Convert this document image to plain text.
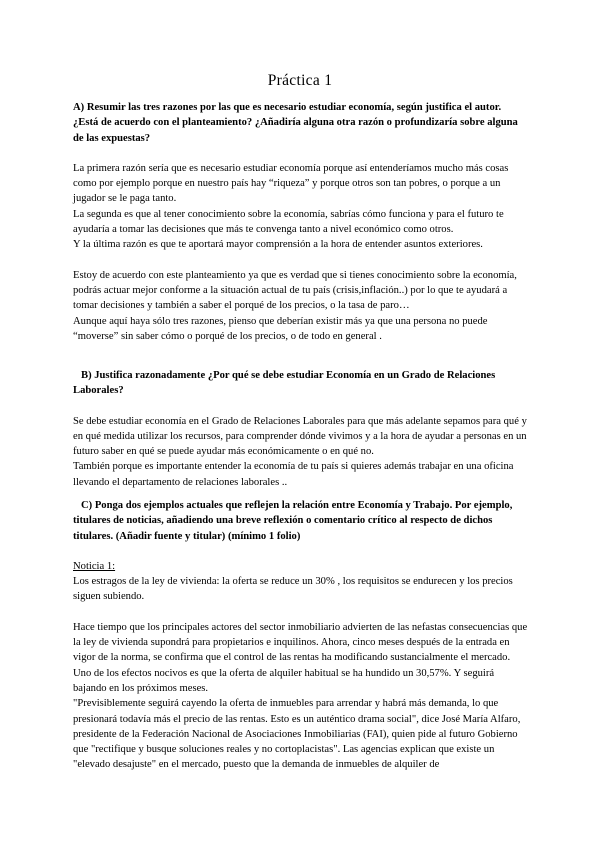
Práctica 1

A) Resumir las tres razones por las que es necesario estudiar economía, según justifica el autor. ¿Está de acuerdo con el planteamiento? ¿Añadiría alguna otra razón o profundizaría sobre alguna de las expuestas?

La primera razón sería que es necesario estudiar economía porque así entenderíamos mucho más cosas como por ejemplo porque en nuestro país hay “riqueza” y porque otros son tan pobres, o porque a un jugador se le paga tanto.

La segunda es que al tener conocimiento sobre la economía, sabrías cómo funciona y para el futuro te ayudaría a tomar las decisiones que más te convenga tanto a nivel económico como otros.

Y la última razón es que te aportará mayor comprensión a la hora de entender asuntos exteriores.

Estoy de acuerdo con este planteamiento ya que es verdad que si tienes conocimiento sobre la economía, podrás actuar mejor conforme a la situación actual de tu país (crisis,inflación..) por lo que te ayudará a tomar decisiones y también a saber el porqué de los precios, o la tasa de paro…

Aunque aquí haya sólo tres razones, pienso que deberían existir más ya que una persona no puede “moverse” sin saber cómo o porqué de los precios, o de todo en general .

B) Justifica razonadamente ¿Por qué se debe estudiar Economía en un Grado de Relaciones Laborales?

Se debe estudiar economía en el Grado de Relaciones Laborales para que más adelante sepamos para qué y en qué medida utilizar los recursos, para comprender dónde vivimos y a la hora de ayudar a personas en un futuro saber en qué se puede ayudar más económicamente o en qué no.

También porque es importante entender la economía de tu país si quieres además trabajar en una oficina llevando el departamento de relaciones laborales ..

C) Ponga dos ejemplos actuales que reflejen la relación entre Economía y Trabajo. Por ejemplo, titulares de noticias, añadiendo una breve reflexión o comentario crítico al respecto de dichos titulares. (Añadir fuente y titular) (mínimo 1 folio)

Noticia 1:

Los estragos de la ley de vivienda: la oferta se reduce un 30% , los requisitos se endurecen y los precios siguen subiendo.

Hace tiempo que los principales actores del sector inmobiliario advierten de las nefastas consecuencias que la ley de vivienda supondrá para propietarios e inquilinos. Ahora, cinco meses después de la entrada en vigor de la norma, se confirma que el control de las rentas ha modificando sustancialmente el mercado. Uno de los efectos nocivos es que la oferta de alquiler habitual se ha hundido un 30,57%. Y seguirá bajando en los próximos meses.

"Previsiblemente seguirá cayendo la oferta de inmuebles para arrendar y habrá más demanda, lo que presionará todavía más el precio de las rentas. Esto es un auténtico drama social", dice José María Alfaro, presidente de la Federación Nacional de Asociaciones Inmobiliarias (FAI), quien pide al futuro Gobierno que "rectifique y busque soluciones reales y no cortoplacistas". Las agencias explican que existe un "elevado desajuste" en el mercado, puesto que la demanda de inmuebles de alquiler de
